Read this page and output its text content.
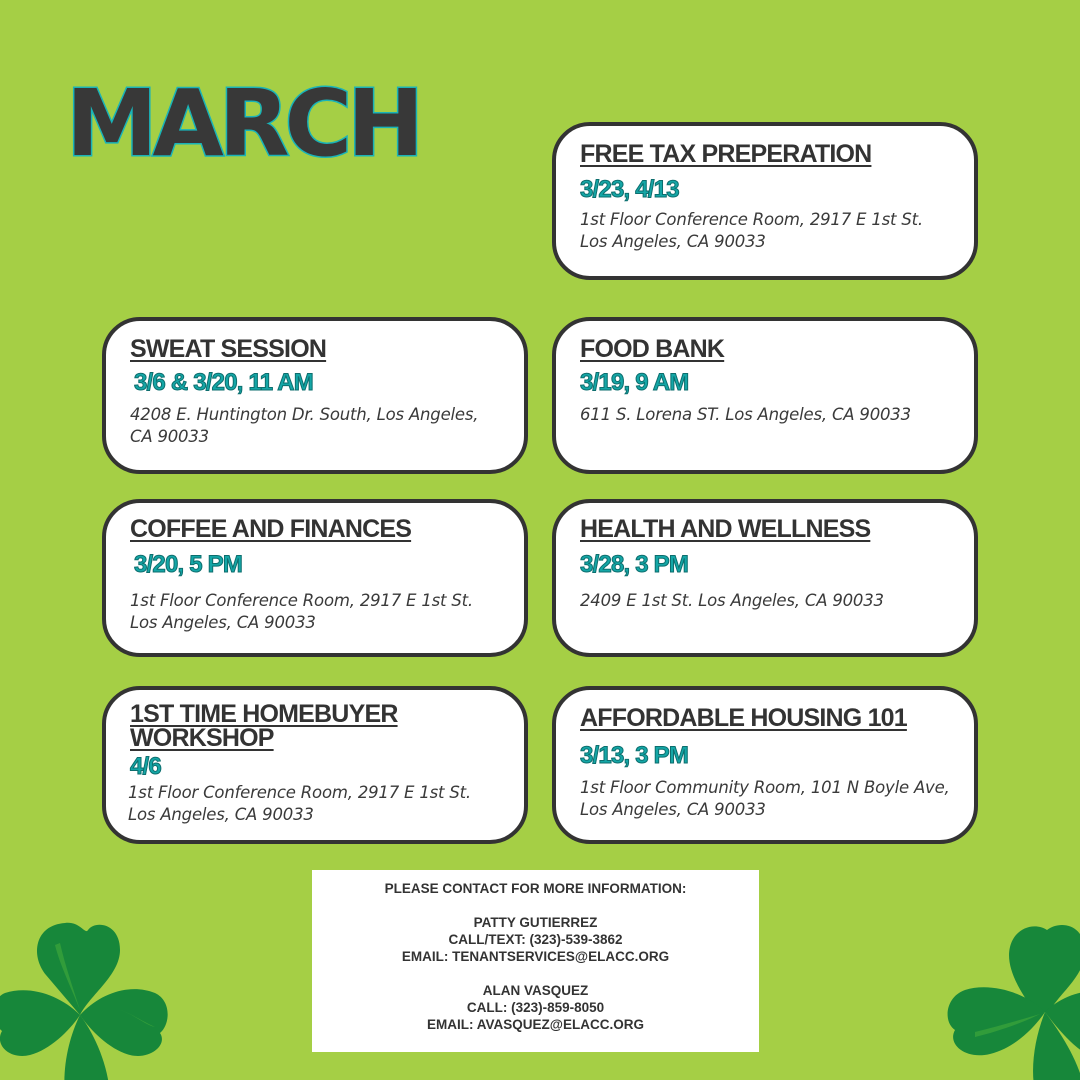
MARCH	FREE TAX PREPERATION
3/23, 4/13
1st Floor Conference Room, 2917 E 1st St.
Los Angeles, CA 90033
SWEAT SESSION
3/6 & 3/20, 11 AM
4208 E. Huntington Dr. South, Los Angeles,
CA 90033
FOOD BANK
3/19, 9 AM
611 S. Lorena ST. Los Angeles, CA 90033
COFFEE AND FINANCES
3/20, 5 PM
1st Floor Conference Room, 2917 E 1st St.
Los Angeles, CA 90033
HEALTH AND WELLNESS
3/28, 3 PM
2409 E 1st St. Los Angeles, CA 90033
1ST TIME HOMEBUYER
WORKSHOP
4/6
1st Floor Conference Room, 2917 E 1st St.
Los Angeles, CA 90033
AFFORDABLE HOUSING 101
3/13, 3 PM
1st Floor Community Room, 101 N Boyle Ave,
Los Angeles, CA 90033
PLEASE CONTACT FOR MORE INFORMATION:
PATTY GUTIERREZ
CALL/TEXT: (323)-539-3862
EMAIL: TENANTSERVICES@ELACC.ORG
ALAN VASQUEZ
CALL: (323)-859-8050
EMAIL: AVASQUEZ@ELACC.ORG
